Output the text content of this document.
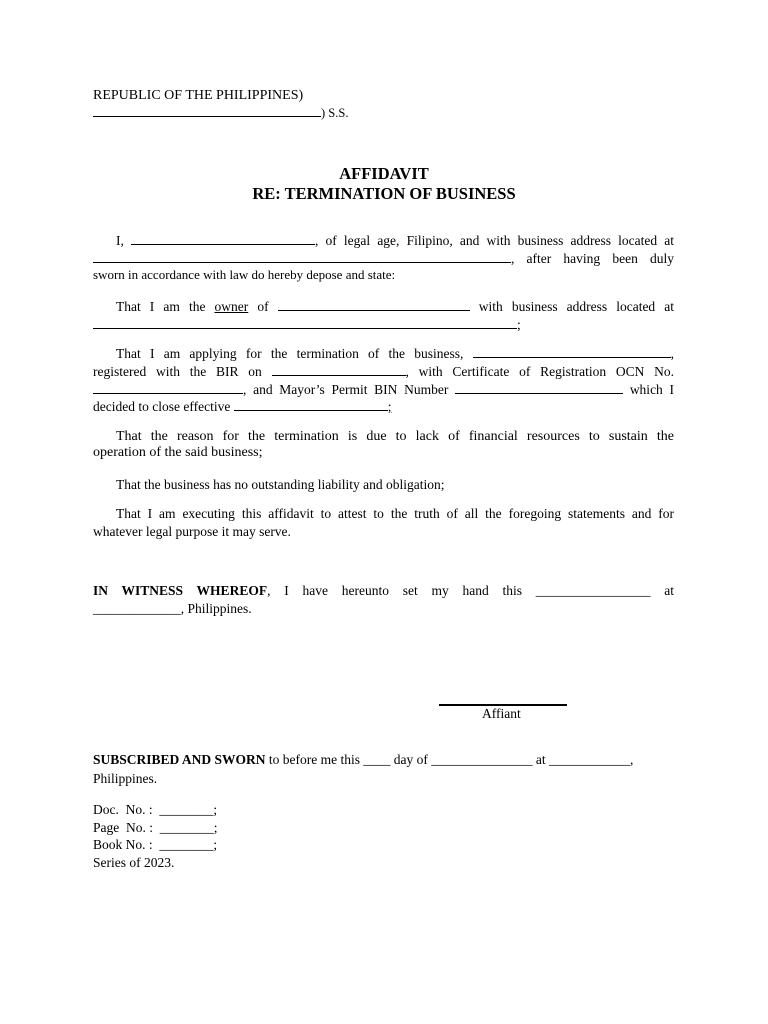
REPUBLIC OF THE PHILIPPINES)
) S.S.
AFFIDAVIT
RE: TERMINATION OF BUSINESS
I,	, of legal age, Filipino, and with business address located at
, after having been duly
sworn in accordance with law do hereby depose and state:
That I am the owner of	with business address located at
;
That I am applying for the termination of the business,	,
registered with the BIR on	, with Certificate of Registration OCN No.
, and Mayor’s Permit BIN Number	which I
decided to close effective	;
That the reason for the termination is due to lack of financial resources to sustain the
operation of the said business;
That the business has no outstanding liability and obligation;
That I am executing this affidavit to attest to the truth of all the foregoing statements and for
whatever legal purpose it may serve.
IN WITNESS WHEREOF, I have hereunto set my hand this _________________ at
_____________, Philippines.
Affiant
SUBSCRIBED AND SWORN to before me this ____ day of _______________ at ____________,
Philippines.
Doc.  No. :  ________;
Page  No. :  ________;
Book No. :  ________;
Series of 2023.
